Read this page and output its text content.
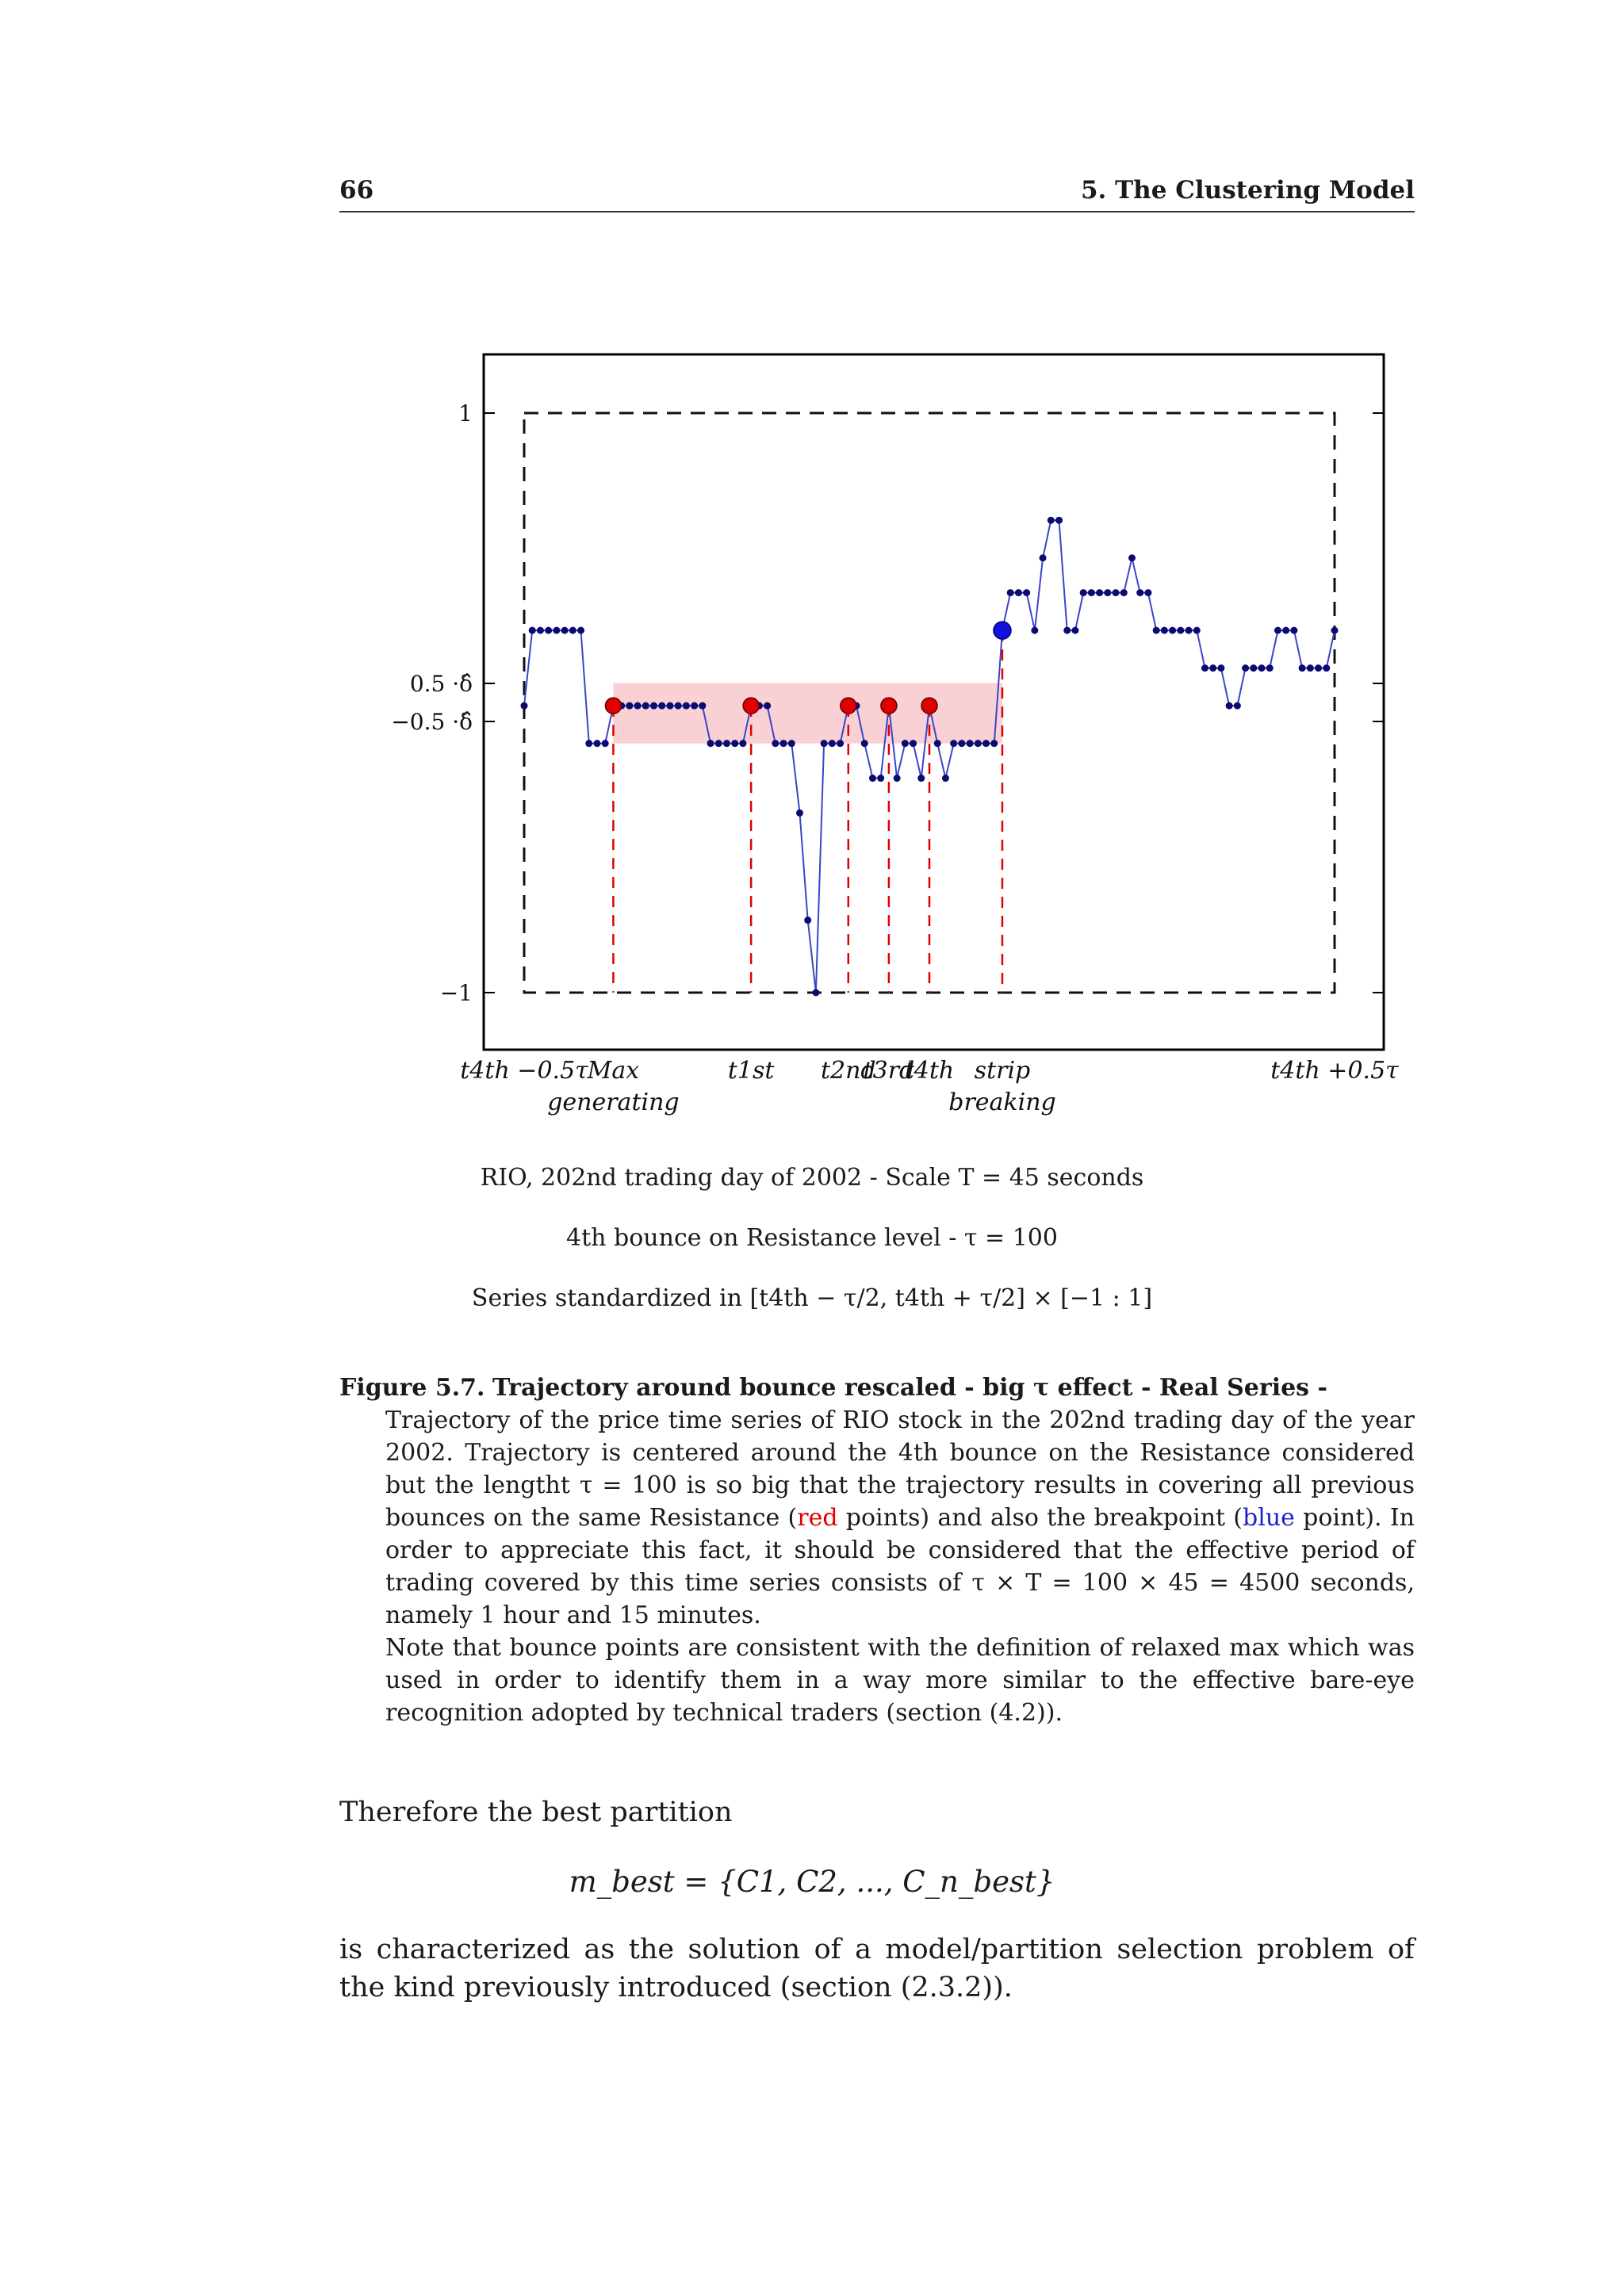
66	5. The Clustering Model
1
0.5 ·δ̂
−0.5 ·δ̂
−1
t4th −0.5τ
Max
generating
t1st t2nd
t3rd
t4th strip
breaking
t4th +0.5τ
RIO, 202nd trading day of 2002 - Scale T = 45 seconds
4th bounce on Resistance level - τ = 100
Series standardized in [t4th − τ/2, t4th + τ/2] × [−1 : 1]
Figure 5.7. Trajectory around bounce rescaled - big τ effect - Real Series -
Trajectory of the price time series of RIO stock in the 202nd trading day of the year 2002. Trajectory is centered around the 4th bounce on the Resistance considered but the lengtht τ = 100 is so big that the trajectory results in covering all previous bounces on the same Resistance (red points) and also the breakpoint (blue point). In order to appreciate this fact, it should be considered that the effective period of trading covered by this time series consists of τ × T = 100 × 45 = 4500 seconds, namely 1 hour and 15 minutes.
Note that bounce points are consistent with the definition of relaxed max which was used in order to identify them in a way more similar to the effective bare-eye recognition adopted by technical traders (section (4.2)).
Therefore the best partition
m_best = {C1, C2, ..., C_n_best}
is characterized as the solution of a model/partition selection problem of the kind previously introduced (section (2.3.2)).
